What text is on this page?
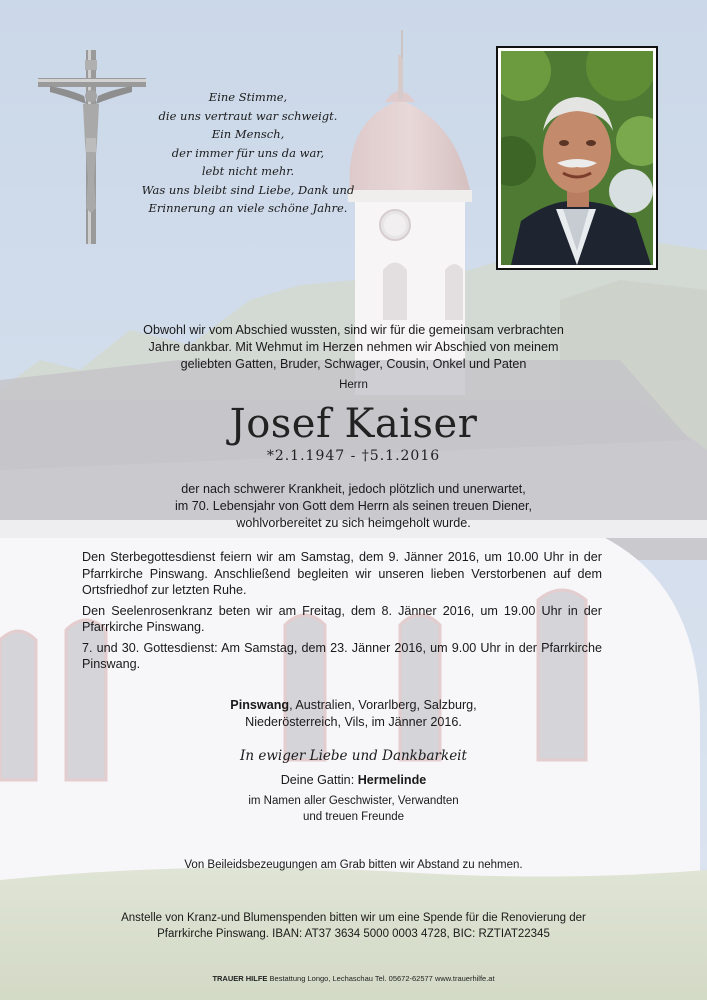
Eine Stimme,
die uns vertraut war schweigt.
Ein Mensch,
der immer für uns da war,
lebt nicht mehr.
Was uns bleibt sind Liebe, Dank und
Erinnerung an viele schöne Jahre.
Obwohl wir vom Abschied wussten, sind wir für die gemeinsam verbrachten
Jahre dankbar. Mit Wehmut im Herzen nehmen wir Abschied von meinem
geliebten Gatten, Bruder, Schwager, Cousin, Onkel und Paten
Herrn
Josef Kaiser
*2.1.1947 - †5.1.2016
der nach schwerer Krankheit, jedoch plötzlich und unerwartet,
im 70. Lebensjahr von Gott dem Herrn als seinen treuen Diener,
wohlvorbereitet zu sich heimgeholt wurde.

Den Sterbegottesdienst feiern wir am Samstag, dem 9. Jänner 2016, um 10.00 Uhr in der Pfarrkirche Pinswang. Anschließend begleiten wir unseren lieben Verstorbenen auf dem Ortsfriedhof zur letzten Ruhe.

Den Seelenrosenkranz beten wir am Freitag, dem 8. Jänner 2016, um 19.00 Uhr in der Pfarrkirche Pinswang.

7. und 30. Gottesdienst: Am Samstag, dem 23. Jänner 2016, um 9.00 Uhr in der Pfarrkirche Pinswang.

Pinswang, Australien, Vorarlberg, Salzburg,
Niederösterreich, Vils, im Jänner 2016.
In ewiger Liebe und Dankbarkeit
Deine Gattin: Hermelinde
im Namen aller Geschwister, Verwandten
und treuen Freunde
Von Beileidsbezeugungen am Grab bitten wir Abstand zu nehmen.
Anstelle von Kranz-und Blumenspenden bitten wir um eine Spende für die Renovierung der
Pfarrkirche Pinswang. IBAN: AT37 3634 5000 0003 4728, BIC: RZTIAT22345
TRAUER HILFE Bestattung Longo, Lechaschau Tel. 05672-62577 www.trauerhilfe.at
